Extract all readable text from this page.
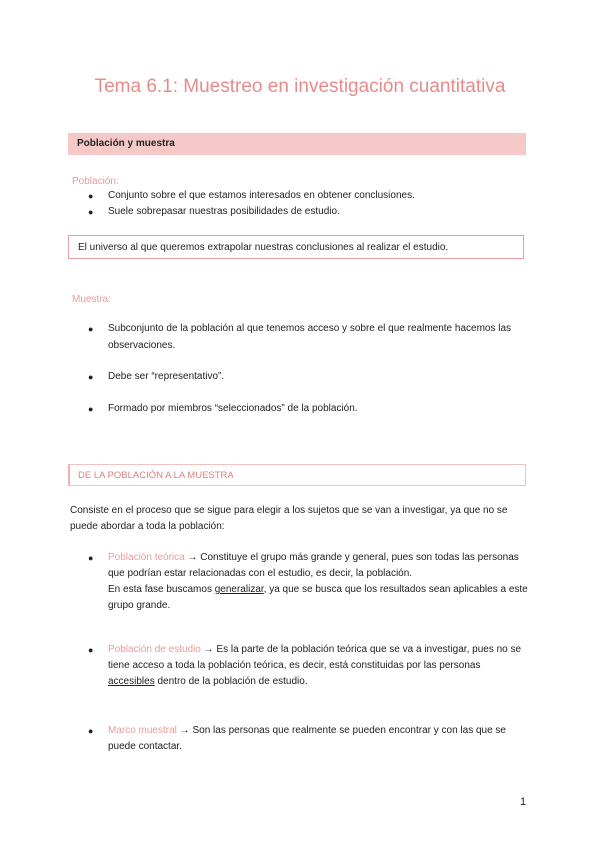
Tema 6.1: Muestreo en investigación cuantitativa
Población y muestra
Población:
● Conjunto sobre el que estamos interesados en obtener conclusiones.
● Suele sobrepasar nuestras posibilidades de estudio.
El universo al que queremos extrapolar nuestras conclusiones al realizar el estudio.
Muestra:
● Subconjunto de la población al que tenemos acceso y sobre el que realmente hacemos las
observaciones.
● Debe ser “representativo”.
● Formado por miembros “seleccionados” de la población.
DE LA POBLACIÓN A LA MUESTRA
Consiste en el proceso que se sigue para elegir a los sujetos que se van a investigar, ya que no se
puede abordar a toda la población:
● Población teórica → Constituye el grupo más grande y general, pues son todas las personas
que podrían estar relacionadas con el estudio, es decir, la población.
En esta fase buscamos generalizar, ya que se busca que los resultados sean aplicables a este
grupo grande.
● Población de estudio → Es la parte de la población teórica que se va a investigar, pues no se
tiene acceso a toda la población teórica, es decir, está constituidas por las personas
accesibles dentro de la población de estudio.
● Marco muestral → Son las personas que realmente se pueden encontrar y con las que se
puede contactar.
1
